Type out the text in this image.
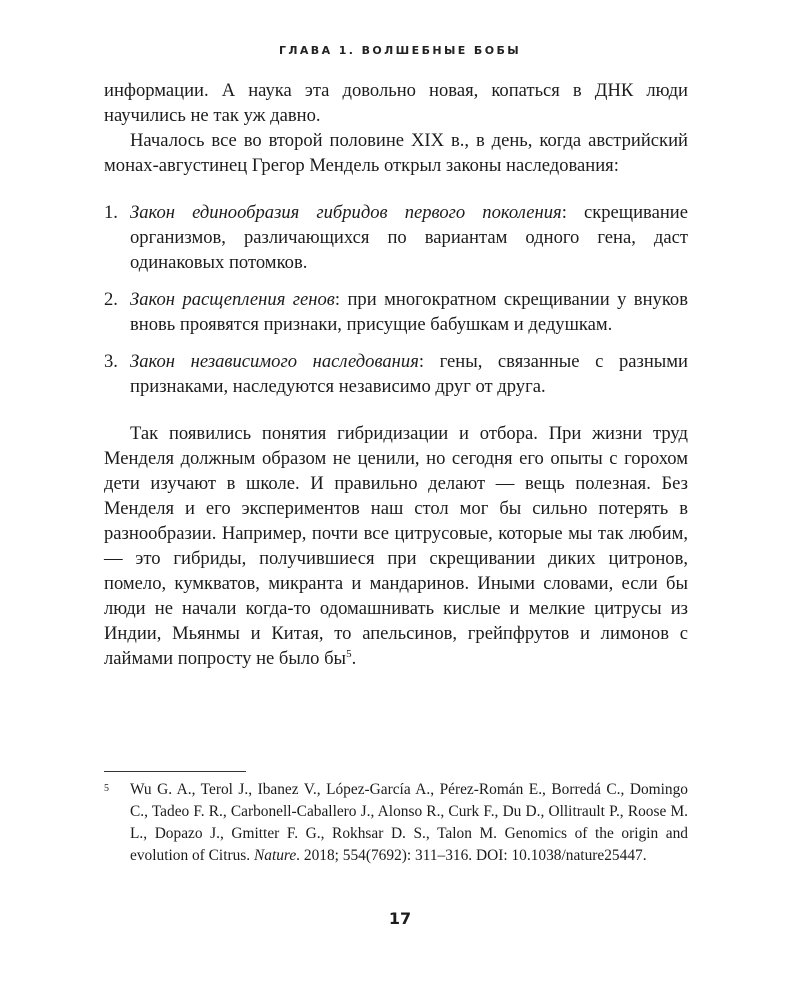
ГЛАВА 1. ВОЛШЕБНЫЕ БОБЫ

информации. А наука эта довольно новая, копаться в ДНК люди научились не так уж давно.

Началось все во второй половине XIX в., в день, когда австрийский монах-августинец Грегор Мендель открыл законы наследования:

1. Закон единообразия гибридов первого поколения: скрещивание организмов, различающихся по вариантам одного гена, даст одинаковых потомков.
2. Закон расщепления генов: при многократном скрещивании у внуков вновь проявятся признаки, присущие бабушкам и дедушкам.
3. Закон независимого наследования: гены, связанные с разными признаками, наследуются независимо друг от друга.

Так появились понятия гибридизации и отбора. При жизни труд Менделя должным образом не ценили, но сегодня его опыты с горохом дети изучают в школе. И правильно делают — вещь полезная. Без Менделя и его экспериментов наш стол мог бы сильно потерять в разнообразии. Например, почти все цитрусовые, которые мы так любим, — это гибриды, получившиеся при скрещивании диких цитронов, помело, кумкватов, микранта и мандаринов. Иными словами, если бы люди не начали когда-то одомашнивать кислые и мелкие цитрусы из Индии, Мьянмы и Китая, то апельсинов, грейпфрутов и лимонов с лаймами попросту не было бы$^5$.

5 Wu G. A., Terol J., Ibanez V., López-García A., Pérez-Román E., Borredá C., Domingo C., Tadeo F. R., Carbonell-Caballero J., Alonso R., Curk F., Du D., Ollitrault P., Roose M. L., Dopazo J., Gmitter F. G., Rokhsar D. S., Talon M. Genomics of the origin and evolution of Citrus. Nature. 2018; 554(7692): 311–316. DOI: 10.1038/nature25447.
17
